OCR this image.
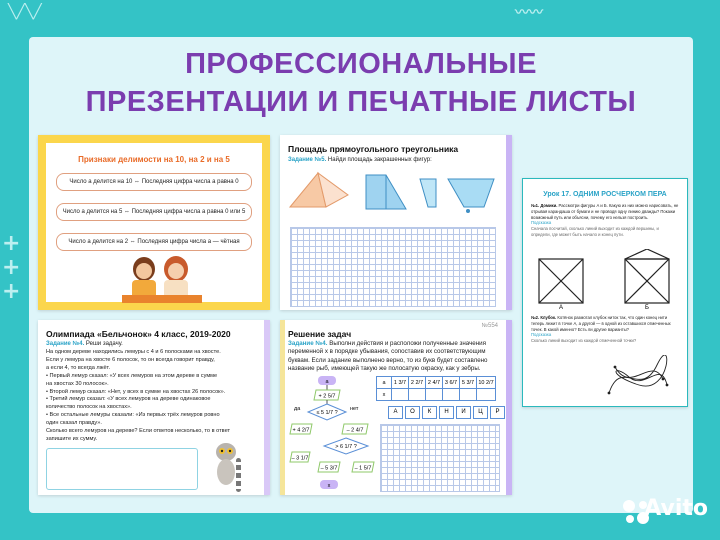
+
+
+
〰〰
╲╱╲╱
ПРОФЕССИОНАЛЬНЫЕ
ПРЕЗЕНТАЦИИ И ПЕЧАТНЫЕ ЛИСТЫ
Признаки делимости на 10, на 2 и на 5
Число a делится на 10 ⇔ Последняя цифра числа a равна 0
Число a делится на 5 ⇔ Последняя цифра числа a равна 0 или 5
Число a делится на 2 ⇔ Последняя цифра числа a — чётная
Площадь прямоугольного треугольника
Задание №5. Найди площадь закрашенных фигур:
Урок 17. ОДНИМ РОСЧЕРКОМ ПЕРА
№1. Домики. Рассмотри фигуры А и Б. Какую из них можно нарисовать, не отрывая карандаша от бумаги и не проводя одну линию дважды? Покажи возможный путь или объясни, почему его нельзя построить.
Подсказка
Сначала посчитай, сколько линий выходит из каждой вершины, и определи, где может быть начало и конец пути.
А	Б
№2. Клубок. Котёнок размотал клубок ниток так, что один конец нити теперь лежит в точке А, а другой — в одной из оставшихся отмеченных точек. В какой именно? Есть ли другие варианты?
Подсказка
Сколько линий выходит из каждой отмеченной точки?
Олимпиада «Бельчонок» 4 класс, 2019-2020
Задание №4. Реши задачу.
На одном дереве находились лемуры с 4 и 6 полосками на хвосте.
Если у лемура на хвосте 6 полосок, то он всегда говорит правду,
а если 4, то всегда лжёт.
• Первый лемур сказал: «У всех лемуров на этом дереве в сумме
на хвостах 30 полосок».
• Второй лемур сказал: «Нет, у всех в сумме на хвостах 26 полосок».
• Третий лемур сказал: «У всех лемуров на дереве одинаковое
количество полосок на хвостах».
• Все остальные лемуры сказали: «Из первых трёх лемуров ровно
один сказал правду».
Сколько всего лемуров на дереве? Если ответов несколько, то в ответ
запишите их сумму.
№554
Решение задач
Задание №4. Выполни действия и расположи полученные значения
переменной x в порядке убывания, сопоставив их соответствующим
буквам. Если задание выполнено верно, то из букв будет составлено
название рыб, имеющей такую же полосатую окраску, как у зебры.
a
+ 2 5/7
≤ 5 1/7 ?
да	нет
+ 4 2/7	– 2 4/7
> 6 1/7 ?
– 3 1/7
– 5 3/7	– 1 5/7
x
a	1 3/7	2 2/7	2 4/7	3 6/7	5 3/7	10 2/7
x						
А	О	К	Н	И	Ц	Р
Avito
